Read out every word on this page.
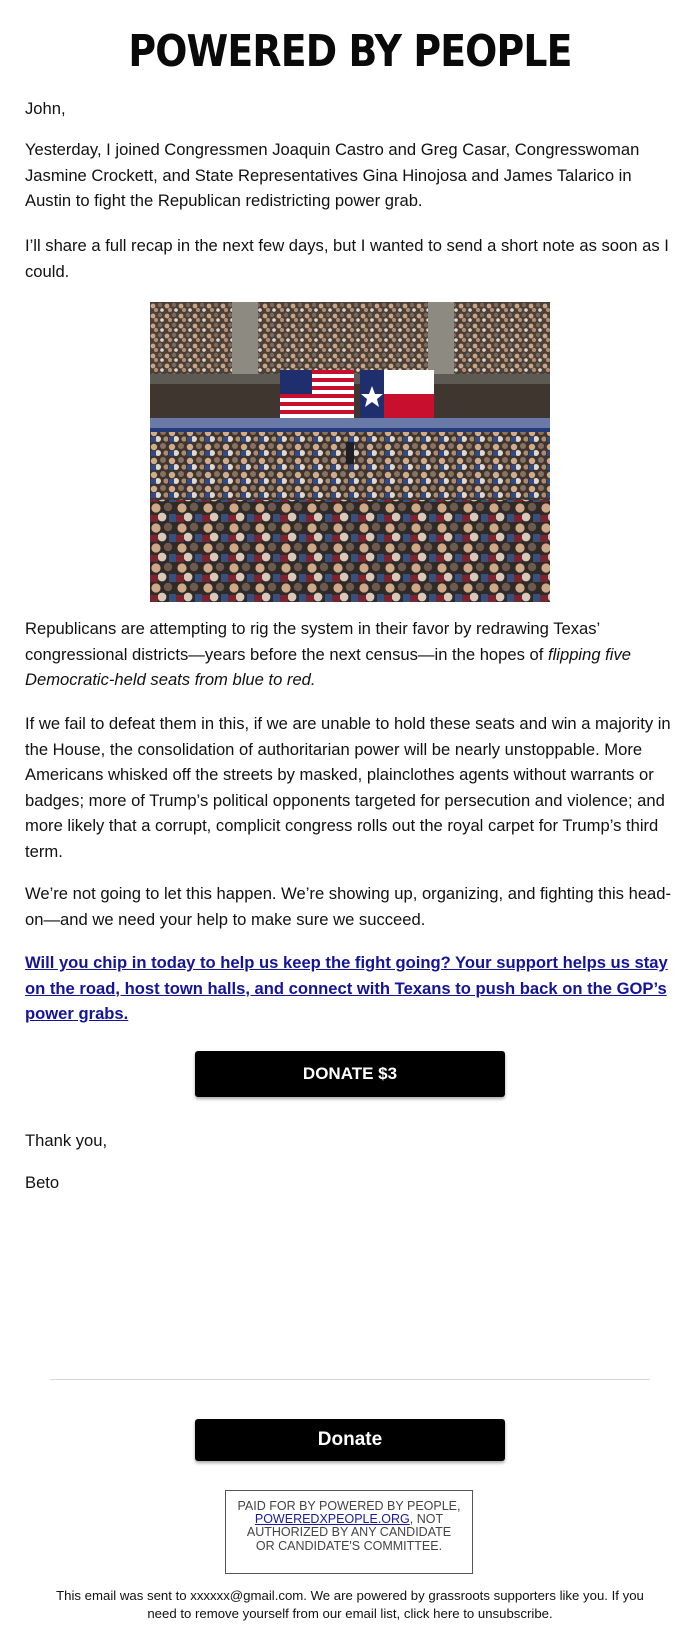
POWERED BY PEOPLE

John,

Yesterday, I joined Congressmen Joaquin Castro and Greg Casar, Congresswoman Jasmine Crockett, and State Representatives Gina Hinojosa and James Talarico in Austin to fight the Republican redistricting power grab.

I’ll share a full recap in the next few days, but I wanted to send a short note as soon as I could.

Republicans are attempting to rig the system in their favor by redrawing Texas’ congressional districts—years before the next census—in the hopes of flipping five Democratic-held seats from blue to red.

If we fail to defeat them in this, if we are unable to hold these seats and win a majority in the House, the consolidation of authoritarian power will be nearly unstoppable. More Americans whisked off the streets by masked, plainclothes agents without warrants or badges; more of Trump’s political opponents targeted for persecution and violence; and more likely that a corrupt, complicit congress rolls out the royal carpet for Trump’s third term.

We’re not going to let this happen. We’re showing up, organizing, and fighting this head-on—and we need your help to make sure we succeed.

Will you chip in today to help us keep the fight going? Your support helps us stay on the road, host town halls, and connect with Texans to push back on the GOP’s power grabs.
DONATE $3

Thank you,

Beto

Donate
PAID FOR BY POWERED BY PEOPLE, POWEREDXPEOPLE.ORG, NOT AUTHORIZED BY ANY CANDIDATE OR CANDIDATE'S COMMITTEE.
This email was sent to xxxxxx@gmail.com. We are powered by grassroots supporters like you. If you need to remove yourself from our email list, click here to unsubscribe.
